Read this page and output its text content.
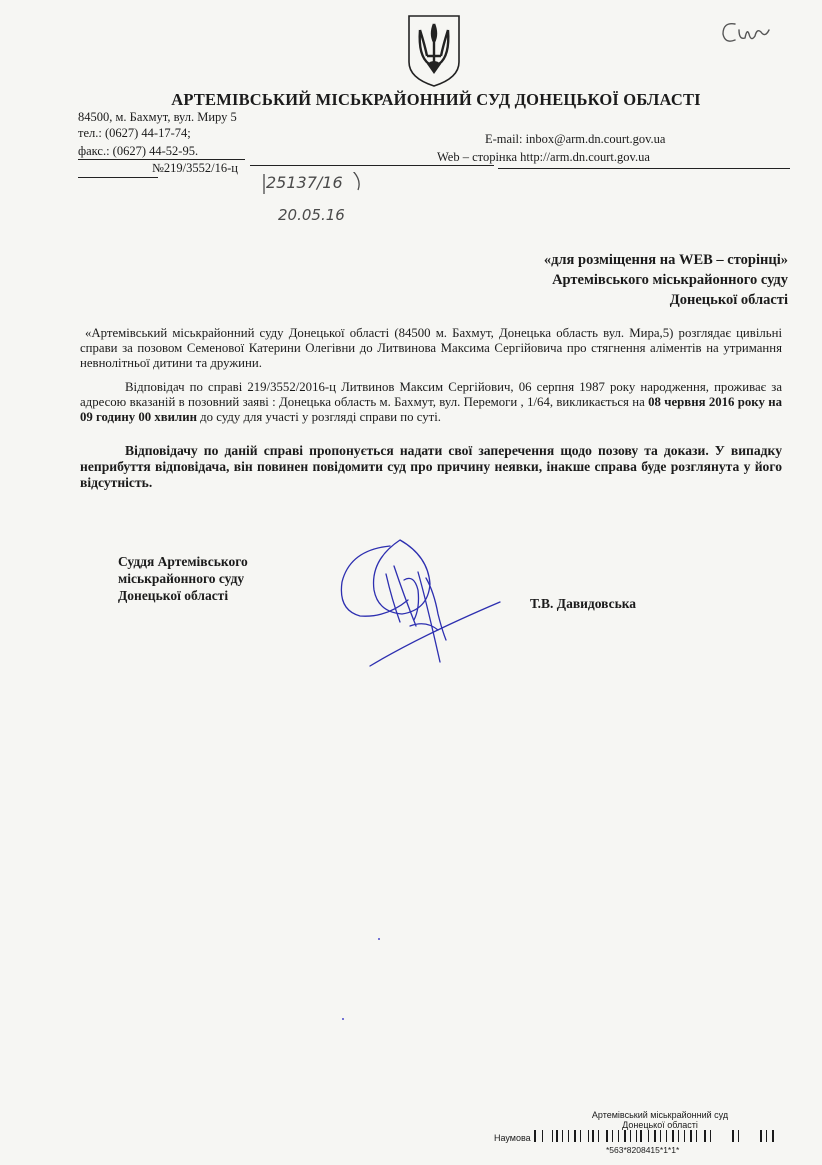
АРТЕМІВСЬКИЙ МІСЬКРАЙОННИЙ СУД ДОНЕЦЬКОЇ ОБЛАСТІ
84500, м. Бахмут, вул. Миру 5
тел.: (0627) 44-17-74;
факс.: (0627) 44-52-95.
E-mail: inbox@arm.dn.court.gov.ua
Web – сторінка http://arm.dn.court.gov.ua
№219/3552/16-ц
25137/16
20.05.16
«для розміщення на WEB – сторінці»
Артемівського міськрайонного суду
Донецької області

«Артемівський міськрайонний суду Донецької області (84500 м. Бахмут, Донецька область вул. Мира,5) розглядає цивільні справи за позовом Семенової Катерини Олегівни до Литвинова Максима Сергійовича про стягнення аліментів на утримання невнолітньої дитини та дружини.

Відповідач по справі 219/3552/2016-ц Литвинов Максим Сергійович, 06 серпня 1987 року народження, проживає за адресою вказаній в позовний заяві : Донецька область м. Бахмут, вул. Перемоги , 1/64, викликається на 08 червня 2016 року на 09 годину 00 хвилин до суду для участі у розгляді справи по суті.

Відповідачу по даній справі пропонується надати свої заперечення щодо позову та докази. У випадку неприбуття відповідача, він повинен повідомити суд про причину неявки, інакше справа буде розглянута у його відсутність.

Суддя Артемівського
міськрайонного суду
Донецької області
Т.В. Давидовська
Артемівський міськрайонний суд
Донецької області
Наумова
*563*8208415*1*1*
